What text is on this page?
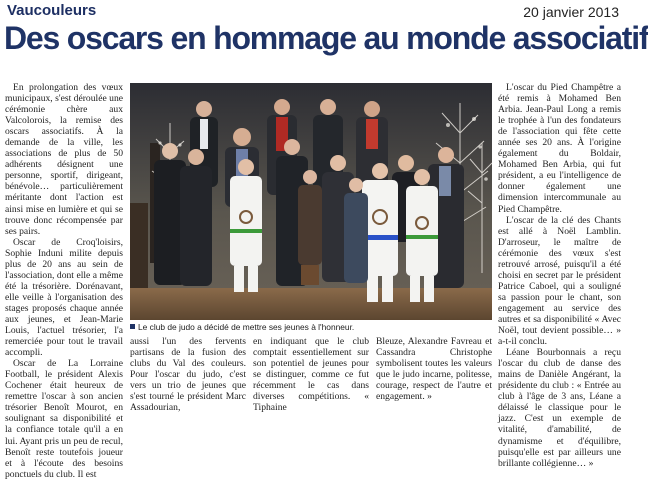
Vaucouleurs	20 janvier 2013
Des oscars en hommage au monde associatif

En prolongation des vœux municipaux, s'est déroulée une cérémonie chère aux Valcolorois, la remise des oscars associatifs. À la demande de la ville, les associations de plus de 50 adhérents désignent une personne, sportif, dirigeant, bénévole… particulièrement méritante dont l'action est ainsi mise en lumière et qui se trouve donc récompensée par ses pairs.

Oscar de Croq'loisirs, Sophie Induni milite depuis plus de 20 ans au sein de l'association, dont elle a même été la trésorière. Dorénavant, elle veille à l'organisation des stages proposés chaque année aux jeunes, et Jean-Marie Louis, l'actuel trésorier, l'a remerciée pour tout le travail accompli.

Oscar de La Lorraine Football, le président Alexis Cochener était heureux de remettre l'oscar à son ancien trésorier Benoît Mourot, en soulignant sa disponibilité et la confiance totale qu'il a en lui. Ayant pris un peu de recul, Benoît reste toutefois joueur et à l'écoute des besoins ponctuels du club. Il est

Le club de judo a décidé de mettre ses jeunes à l'honneur.
aussi l'un des fervents partisans de la fusion des clubs du Val des couleurs. Pour l'oscar du judo, c'est vers un trio de jeunes que s'est tourné le président Marc Assadourian,
en indiquant que le club comptait essentiellement sur son potentiel de jeunes pour se distinguer, comme ce fut récemment le cas dans diverses compétitions. « Tiphaine
Bleuze, Alexandre Favreau et Cassandra Christophe symbolisent toutes les valeurs que le judo incarne, politesse, courage, respect de l'autre et engagement. »

L'oscar du Pied Champêtre a été remis à Mohamed Ben Arbia. Jean-Paul Long a remis le trophée à l'un des fondateurs de l'association qui fête cette année ses 20 ans. À l'origine également du Boldair, Mohamed Ben Arbia, qui fut président, a eu l'intelligence de donner également une dimension intercommunale au Pied Champêtre.

L'oscar de la clé des Chants est allé à Noël Lamblin. D'arroseur, le maître de cérémonie des vœux s'est retrouvé arrosé, puisqu'il a été choisi en secret par le président Patrice Caboel, qui a souligné sa passion pour le chant, son engagement au service des autres et sa disponibilité « Avec Noël, tout devient possible… » a-t-il conclu.

Léane Bourbonnais a reçu l'oscar du club de danse des mains de Danièle Angérant, la présidente du club : « Entrée au club à l'âge de 3 ans, Léane a délaissé le classique pour le jazz. C'est un exemple de vitalité, d'amabilité, de dynamisme et d'équilibre, puisqu'elle est par ailleurs une brillante collégienne… »
